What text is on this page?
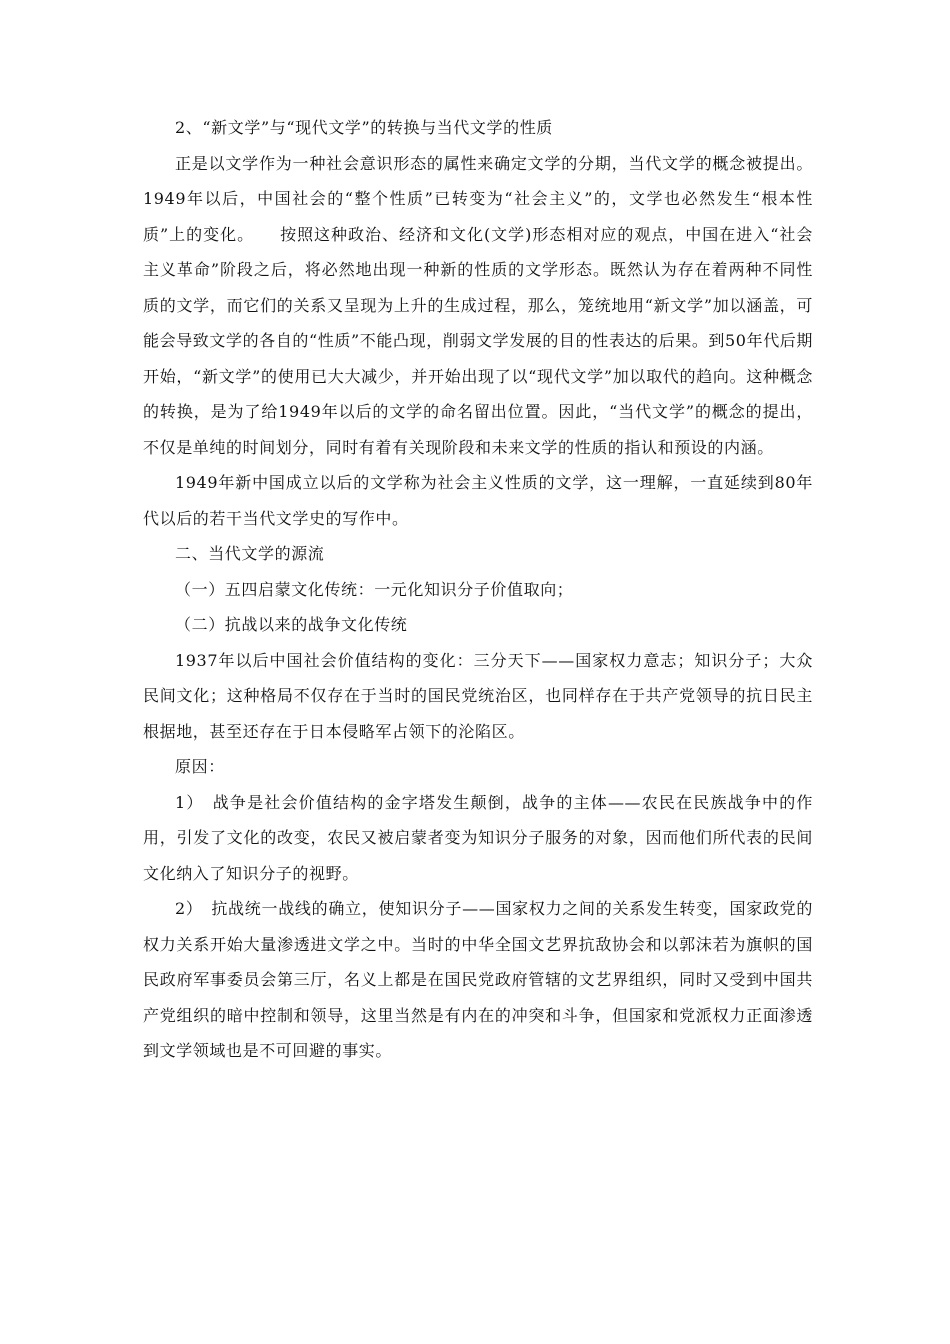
2、“新文学”与“现代文学”的转换与当代文学的性质

正是以文学作为一种社会意识形态的属性来确定文学的分期，当代文学的概念被提出。1949年以后，中国社会的“整个性质”已转变为“社会主义”的，文学也必然发生“根本性质”上的变化。　　按照这种政治、经济和文化(文学)形态相对应的观点，中国在进入“社会主义革命”阶段之后，将必然地出现一种新的性质的文学形态。既然认为存在着两种不同性质的文学，而它们的关系又呈现为上升的生成过程，那么，笼统地用“新文学”加以涵盖，可能会导致文学的各自的“性质”不能凸现，削弱文学发展的目的性表达的后果。到50年代后期开始，“新文学”的使用已大大减少，并开始出现了以“现代文学”加以取代的趋向。这种概念的转换，是为了给1949年以后的文学的命名留出位置。因此，“当代文学”的概念的提出，不仅是单纯的时间划分，同时有着有关现阶段和未来文学的性质的指认和预设的内涵。

1949年新中国成立以后的文学称为社会主义性质的文学，这一理解，一直延续到80年代以后的若干当代文学史的写作中。

二、当代文学的源流

（一）五四启蒙文化传统：一元化知识分子价值取向；

（二）抗战以来的战争文化传统

1937年以后中国社会价值结构的变化：三分天下——国家权力意志；知识分子；大众民间文化；这种格局不仅存在于当时的国民党统治区，也同样存在于共产党领导的抗日民主根据地，甚至还存在于日本侵略军占领下的沦陷区。

原因：

1）　战争是社会价值结构的金字塔发生颠倒，战争的主体——农民在民族战争中的作用，引发了文化的改变，农民又被启蒙者变为知识分子服务的对象，因而他们所代表的民间文化纳入了知识分子的视野。

2）　抗战统一战线的确立，使知识分子——国家权力之间的关系发生转变，国家政党的权力关系开始大量渗透进文学之中。当时的中华全国文艺界抗敌协会和以郭沫若为旗帜的国民政府军事委员会第三厅，名义上都是在国民党政府管辖的文艺界组织，同时又受到中国共产党组织的暗中控制和领导，这里当然是有内在的冲突和斗争，但国家和党派权力正面渗透到文学领域也是不可回避的事实。
